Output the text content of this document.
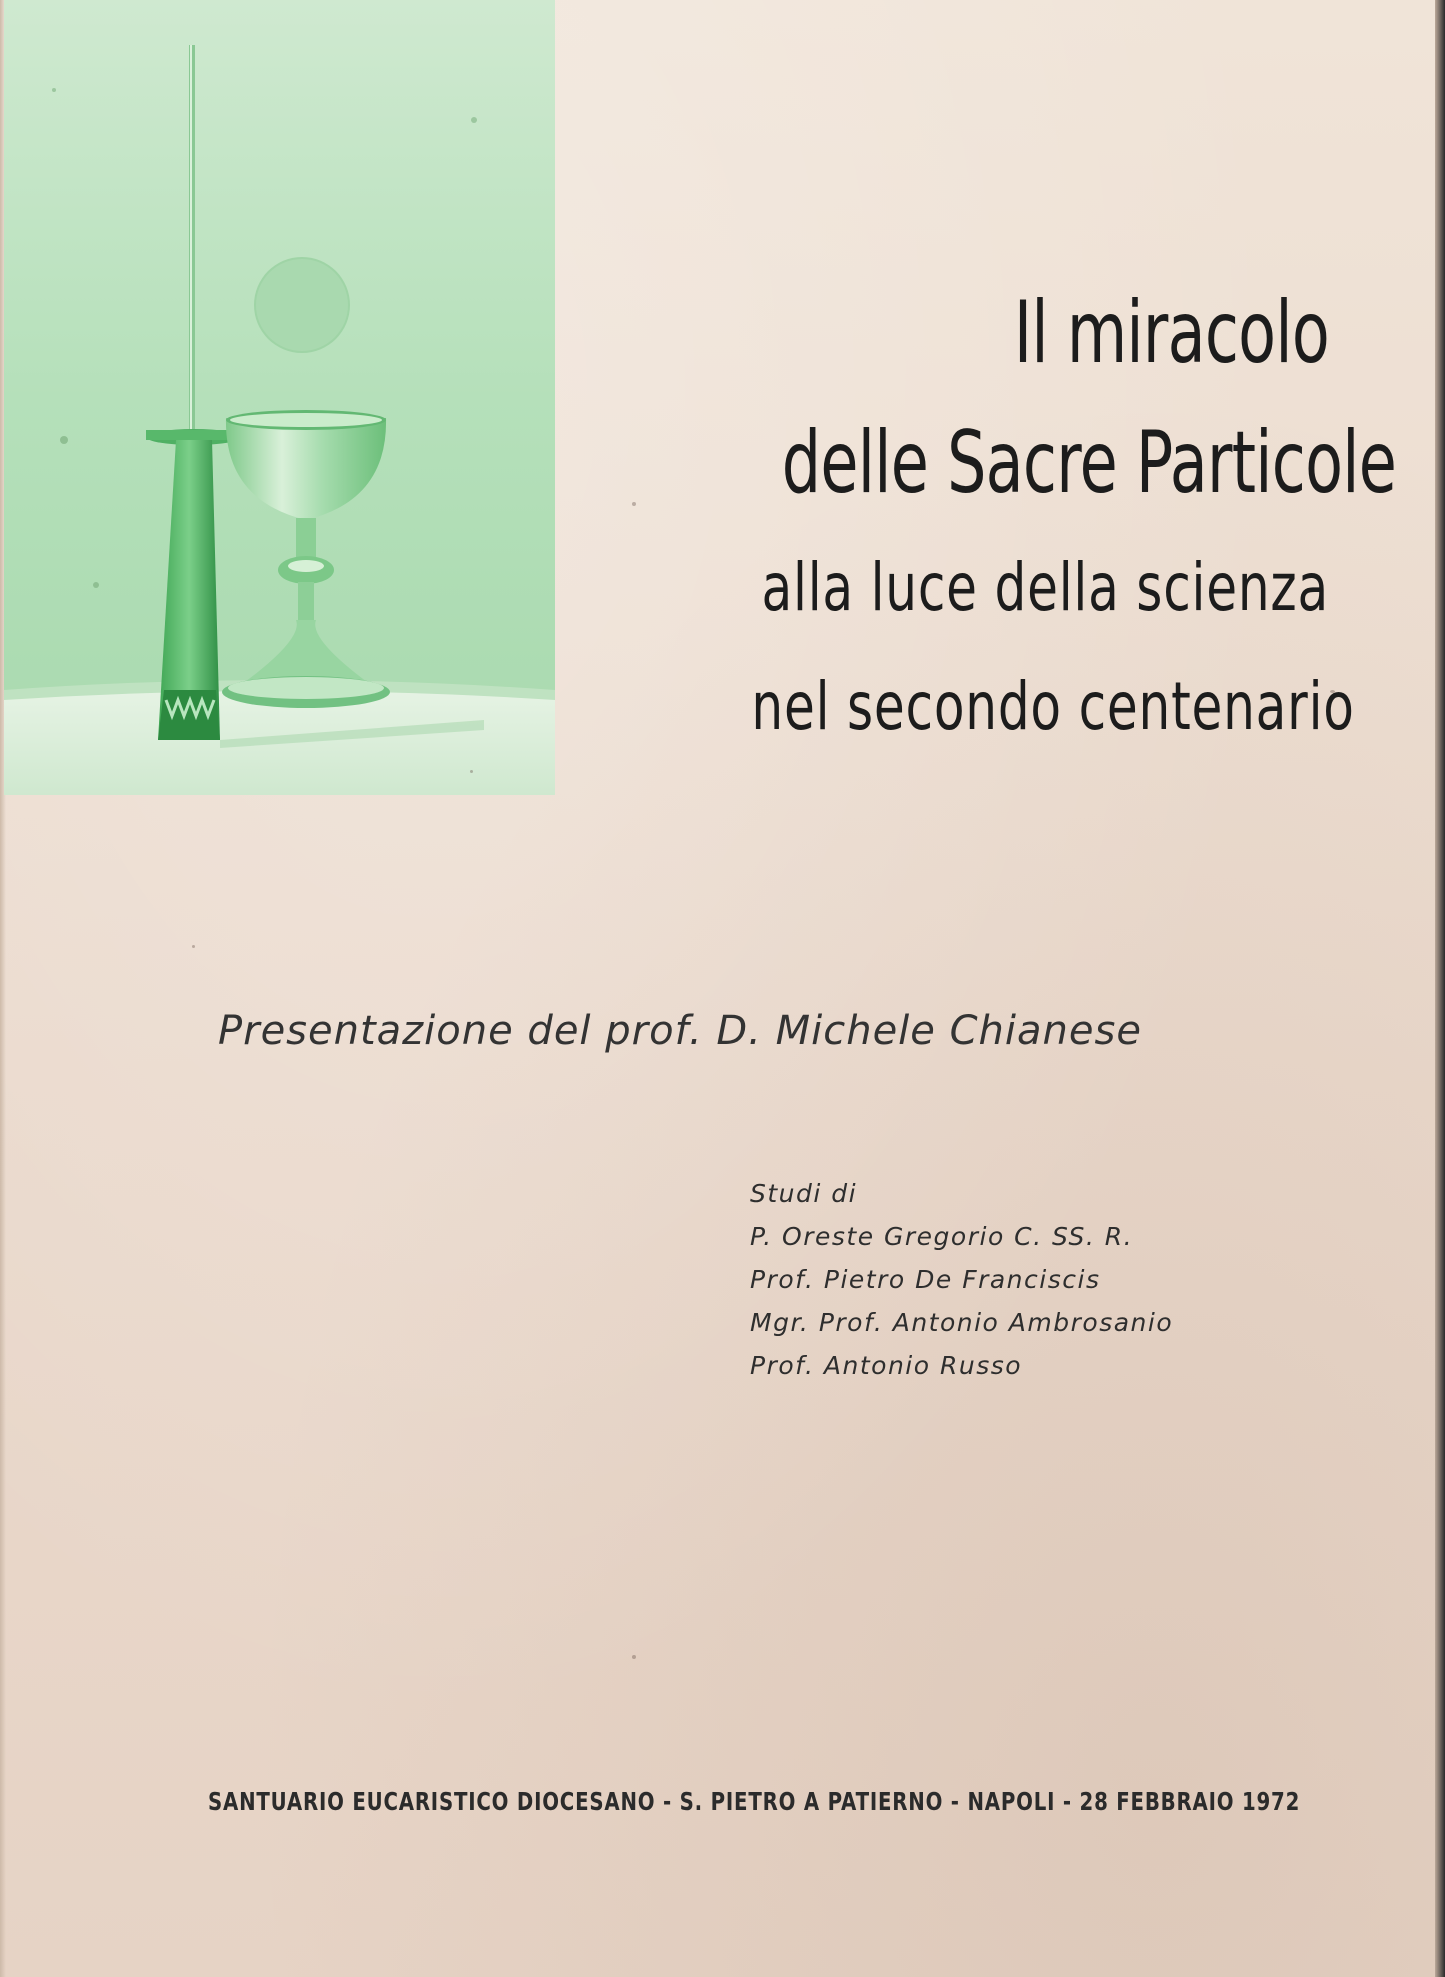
Il miracolo
delle Sacre Particole
alla luce della scienza
nel secondo centenario
Presentazione del prof. D. Michele Chianese
Studi di
P. Oreste Gregorio C. SS. R.
Prof. Pietro De Franciscis
Mgr. Prof. Antonio Ambrosanio
Prof. Antonio Russo
SANTUARIO EUCARISTICO DIOCESANO - S. PIETRO A PATIERNO - NAPOLI - 28 FEBBRAIO 1972
